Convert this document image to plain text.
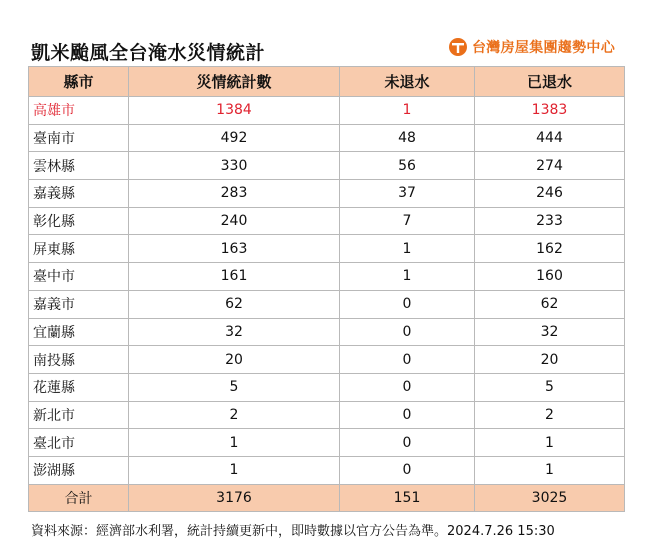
凱米颱風全台淹水災情統計	台灣房屋集團趨勢中心
縣市	災情統計數	未退水	已退水
高雄市	1384	1	1383
臺南市	492	48	444
雲林縣	330	56	274
嘉義縣	283	37	246
彰化縣	240	7	233
屏東縣	163	1	162
臺中市	161	1	160
嘉義市	62	0	62
宜蘭縣	32	0	32
南投縣	20	0	20
花蓮縣	5	0	5
新北市	2	0	2
臺北市	1	0	1
澎湖縣	1	0	1
合計	3176	151	3025
資料來源：經濟部水利署，統計持續更新中，即時數據以官方公告為準。2024.7.26 15:30
